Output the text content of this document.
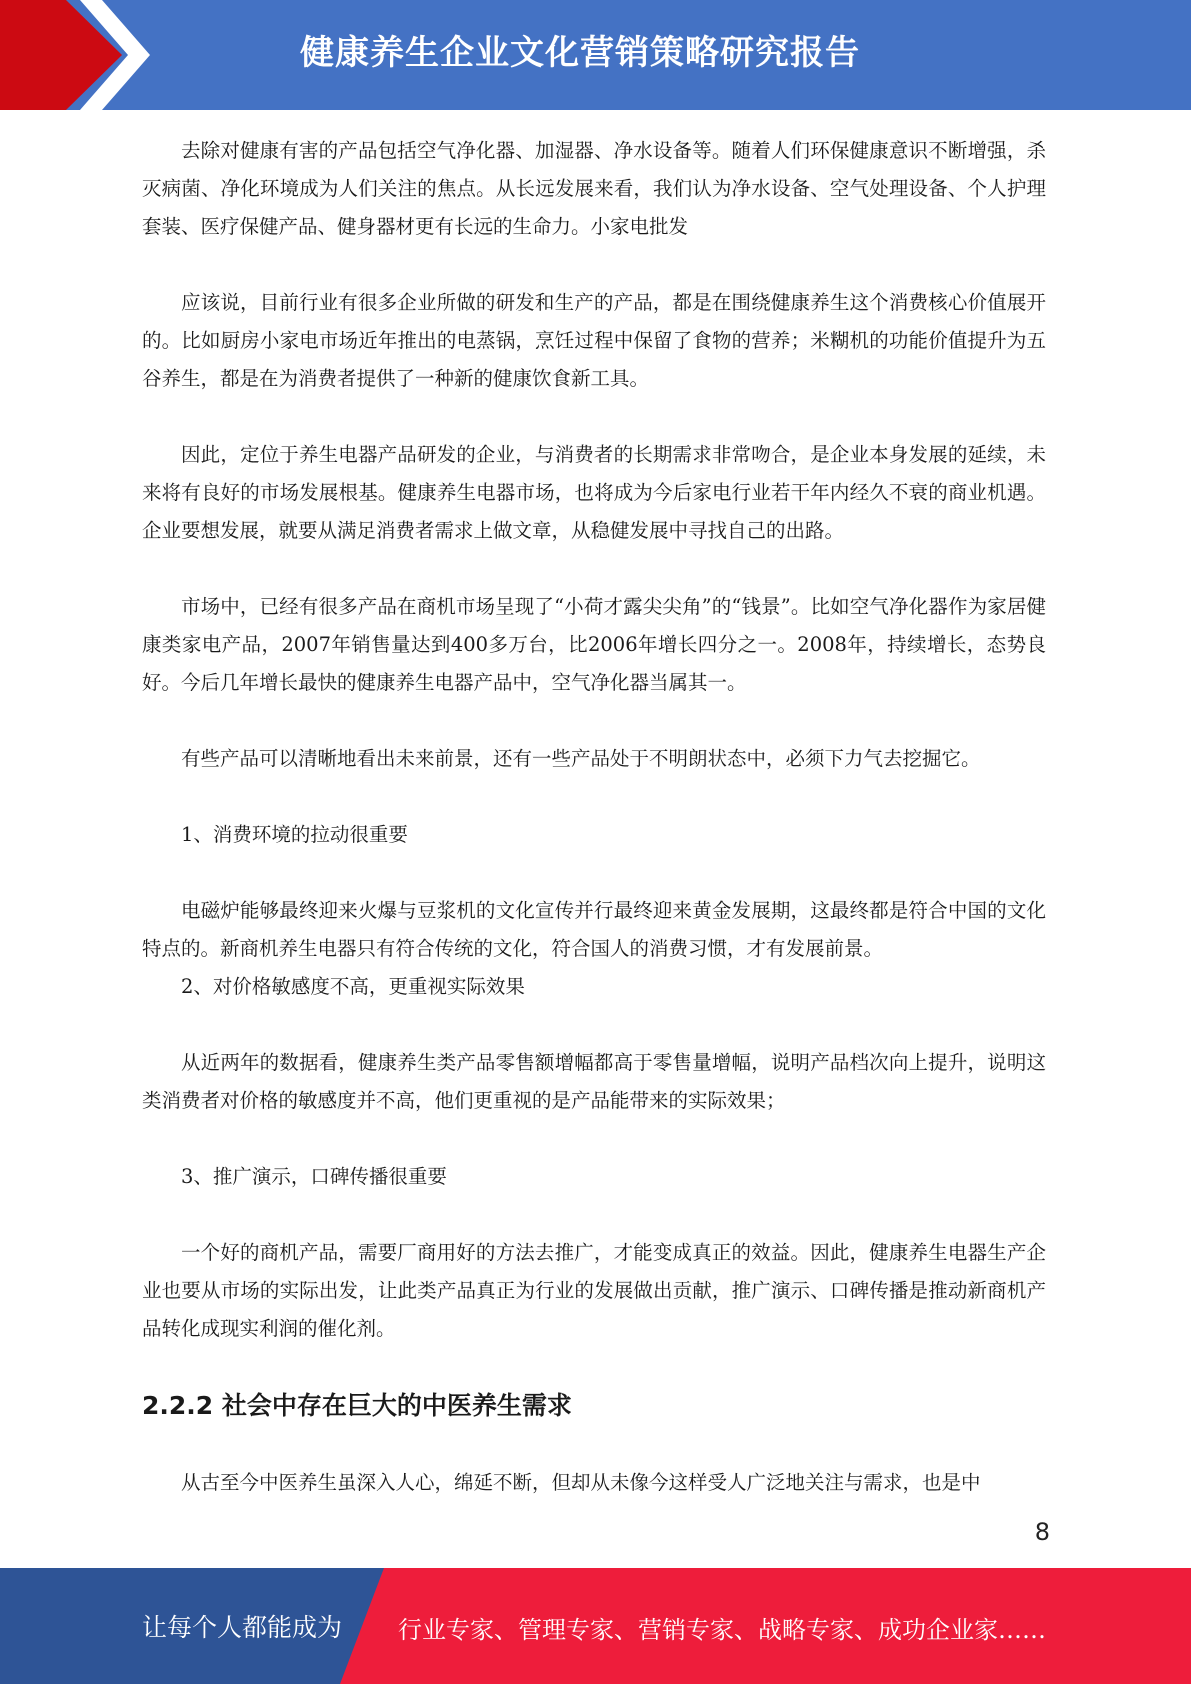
健康养生企业文化营销策略研究报告

去除对健康有害的产品包括空气净化器、加湿器、净水设备等。随着人们环保健康意识不断增强，杀灭病菌、净化环境成为人们关注的焦点。从长远发展来看，我们认为净水设备、空气处理设备、个人护理套装、医疗保健产品、健身器材更有长远的生命力。小家电批发

应该说，目前行业有很多企业所做的研发和生产的产品，都是在围绕健康养生这个消费核心价值展开的。比如厨房小家电市场近年推出的电蒸锅，烹饪过程中保留了食物的营养；米糊机的功能价值提升为五谷养生，都是在为消费者提供了一种新的健康饮食新工具。

因此，定位于养生电器产品研发的企业，与消费者的长期需求非常吻合，是企业本身发展的延续，未来将有良好的市场发展根基。健康养生电器市场，也将成为今后家电行业若干年内经久不衰的商业机遇。企业要想发展，就要从满足消费者需求上做文章，从稳健发展中寻找自己的出路。

市场中，已经有很多产品在商机市场呈现了“小荷才露尖尖角”的“钱景”。比如空气净化器作为家居健康类家电产品，2007年销售量达到400多万台，比2006年增长四分之一。2008年，持续增长，态势良好。今后几年增长最快的健康养生电器产品中，空气净化器当属其一。

有些产品可以清晰地看出未来前景，还有一些产品处于不明朗状态中，必须下力气去挖掘它。

1、消费环境的拉动很重要

电磁炉能够最终迎来火爆与豆浆机的文化宣传并行最终迎来黄金发展期，这最终都是符合中国的文化特点的。新商机养生电器只有符合传统的文化，符合国人的消费习惯，才有发展前景。

2、对价格敏感度不高，更重视实际效果

从近两年的数据看，健康养生类产品零售额增幅都高于零售量增幅，说明产品档次向上提升，说明这类消费者对价格的敏感度并不高，他们更重视的是产品能带来的实际效果；

3、推广演示，口碑传播很重要

一个好的商机产品，需要厂商用好的方法去推广，才能变成真正的效益。因此，健康养生电器生产企业也要从市场的实际出发，让此类产品真正为行业的发展做出贡献，推广演示、口碑传播是推动新商机产品转化成现实利润的催化剂。

2.2.2 社会中存在巨大的中医养生需求

从古至今中医养生虽深入人心，绵延不断，但却从未像今这样受人广泛地关注与需求，也是中

8
让每个人都能成为 行业专家、管理专家、营销专家、战略专家、成功企业家……
